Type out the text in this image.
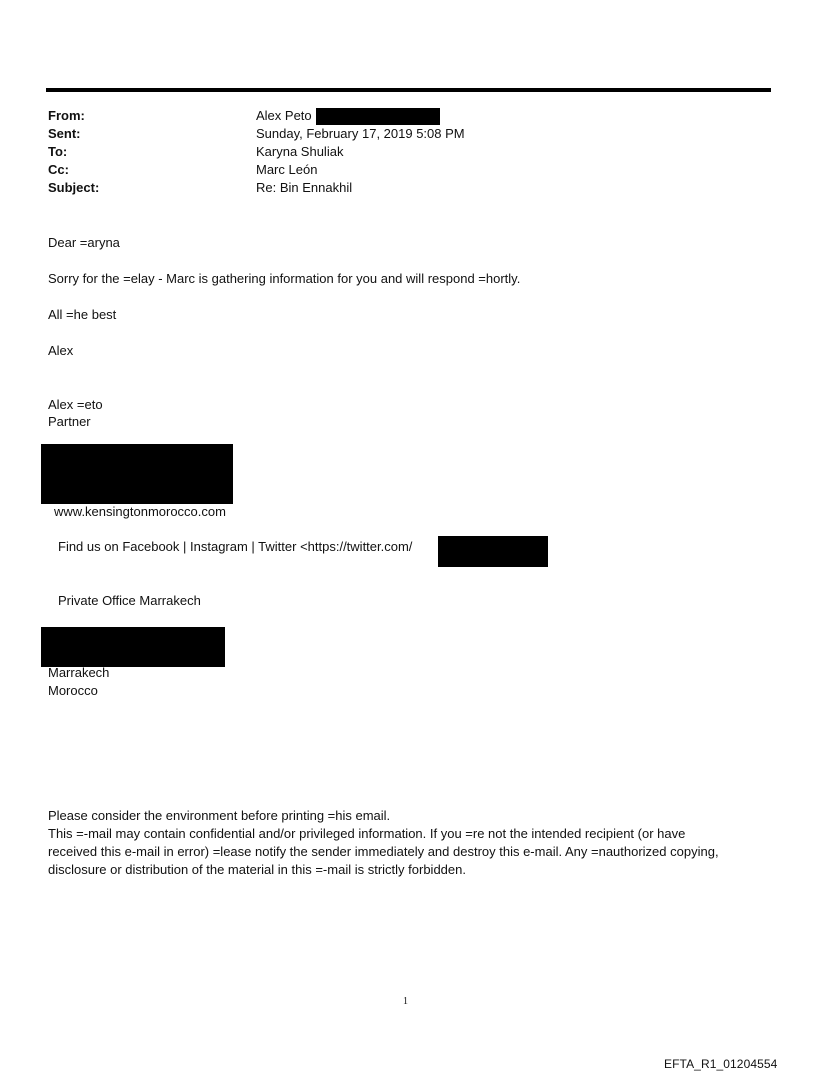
From:	Alex Peto
Sent:	Sunday, February 17, 2019 5:08 PM
To:	Karyna Shuliak
Cc:	Marc León
Subject:	Re: Bin Ennakhil
Dear =aryna
Sorry for the =elay - Marc is gathering information for you and will respond =hortly.
All =he best
Alex
Alex =eto
Partner
www.kensingtonmorocco.com
Find us on Facebook | Instagram | Twitter <https://twitter.com/
Private Office Marrakech
Marrakech
Morocco
Please consider the environment before printing =his email.
This =-mail may contain confidential and/or privileged information. If you =re not the intended recipient (or have
received this e-mail in error) =lease notify the sender immediately and destroy this e-mail. Any =nauthorized copying,
disclosure or distribution of the material in this =-mail is strictly forbidden.
1
EFTA_R1_01204554
